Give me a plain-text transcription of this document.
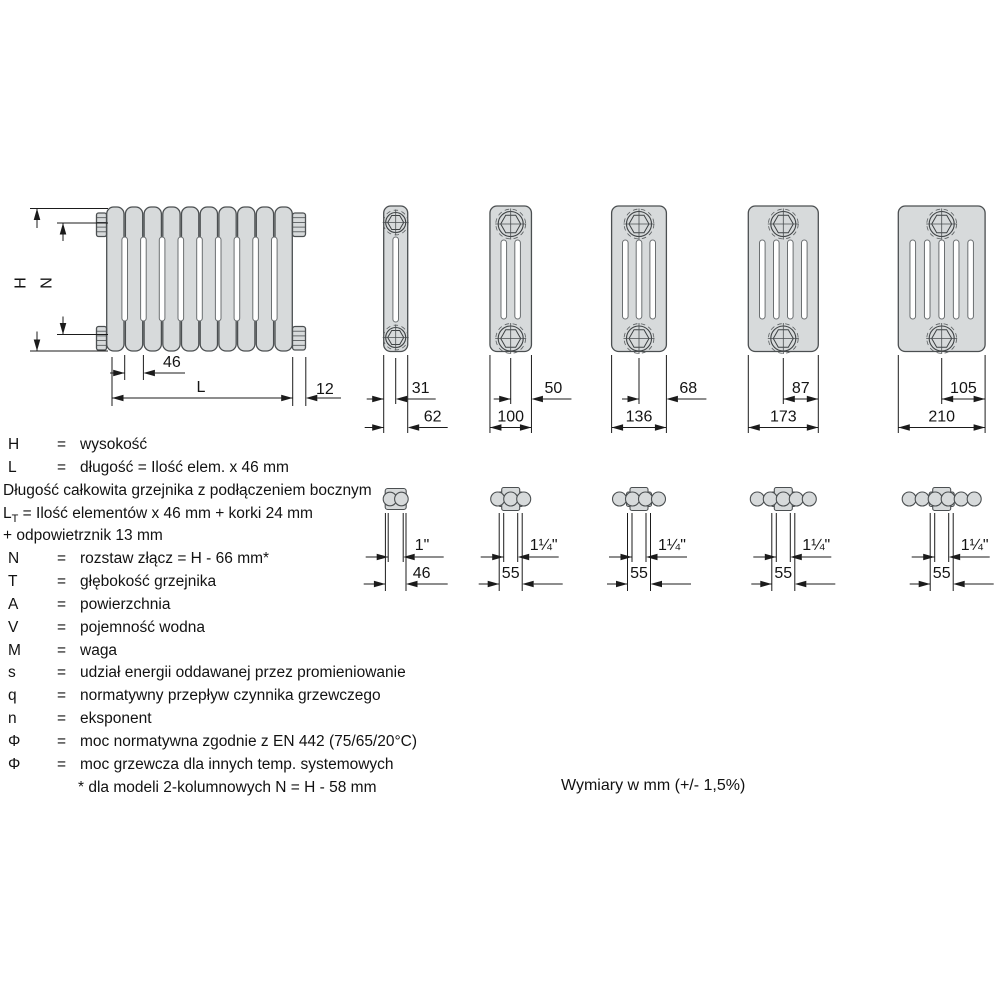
H N
46
L	12	31
62
1"
46
50
100
1¼"
55
68
136
1¼"
55
87
173
1¼"
55
105
210
1¼"
55
H = wysokość
L	= długość = Ilość elem. x 46 mm
Długość całkowita grzejnika z podłączeniem bocznym
$L_T$ = Ilość elementów x 46 mm + korki 24 mm
+ odpowietrznik 13 mm
N = rozstaw złącz = H - 66 mm*
T	= głębokość grzejnika
A = powierzchnia
V = pojemność wodna
M = waga
s	= udział energii oddawanej przez promieniowanie
q	= normatywny przepływ czynnika grzewczego
n	= eksponent
Φ = moc normatywna zgodnie z EN 442 (75/65/20°C)
Φ = moc grzewcza dla innych temp. systemowych
* dla modeli 2-kolumnowych N = H - 58 mm	Wymiary w mm (+/- 1,5%)
